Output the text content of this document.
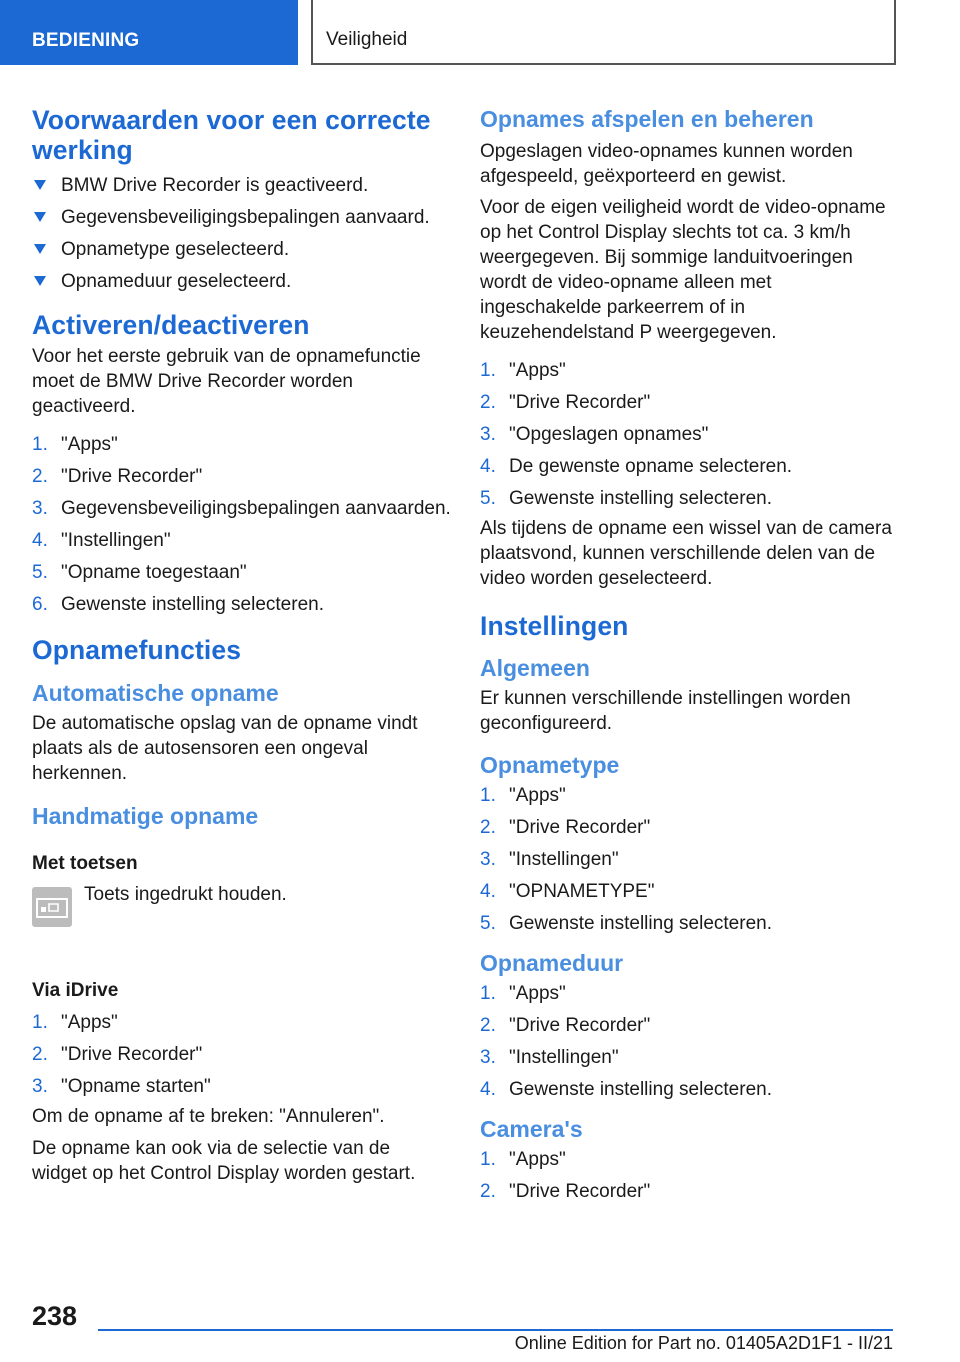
BEDIENING	Veiligheid
Voorwaarden voor een correcte werking
BMW Drive Recorder is geactiveerd.
Gegevensbeveiligingsbepalingen aanvaard.
Opnametype geselecteerd.
Opnameduur geselecteerd.
Activeren/deactiveren

Voor het eerste gebruik van de opnamefunctie moet de BMW Drive Recorder worden geactiveerd.

1. "Apps"
2. "Drive Recorder"
3. Gegevensbeveiligingsbepalingen aanvaarden.
4. "Instellingen"
5. "Opname toegestaan"
6. Gewenste instelling selecteren.
Opnamefuncties
Automatische opname

De automatische opslag van de opname vindt plaats als de autosensoren een ongeval herkennen.

Handmatige opname
Met toetsen
Toets ingedrukt houden.
Via iDrive
1. "Apps"
2. "Drive Recorder"
3. "Opname starten"

Om de opname af te breken: "Annuleren".

De opname kan ook via de selectie van de widget op het Control Display worden gestart.

Opnames afspelen en beheren

Opgeslagen video-opnames kunnen worden afgespeeld, geëxporteerd en gewist.

Voor de eigen veiligheid wordt de video-opname op het Control Display slechts tot ca. 3 km/h weergegeven. Bij sommige landuitvoeringen wordt de video-opname alleen met ingeschakelde parkeerrem of in keuzehendelstand P weergegeven.

1. "Apps"
2. "Drive Recorder"
3. "Opgeslagen opnames"
4. De gewenste opname selecteren.
5. Gewenste instelling selecteren.

Als tijdens de opname een wissel van de camera plaatsvond, kunnen verschillende delen van de video worden geselecteerd.

Instellingen
Algemeen

Er kunnen verschillende instellingen worden geconfigureerd.

Opnametype
1. "Apps"
2. "Drive Recorder"
3. "Instellingen"
4. "OPNAMETYPE"
5. Gewenste instelling selecteren.
Opnameduur
1. "Apps"
2. "Drive Recorder"
3. "Instellingen"
4. Gewenste instelling selecteren.
Camera's
1. "Apps"
2. "Drive Recorder"
238
Online Edition for Part no. 01405A2D1F1 - II/21
